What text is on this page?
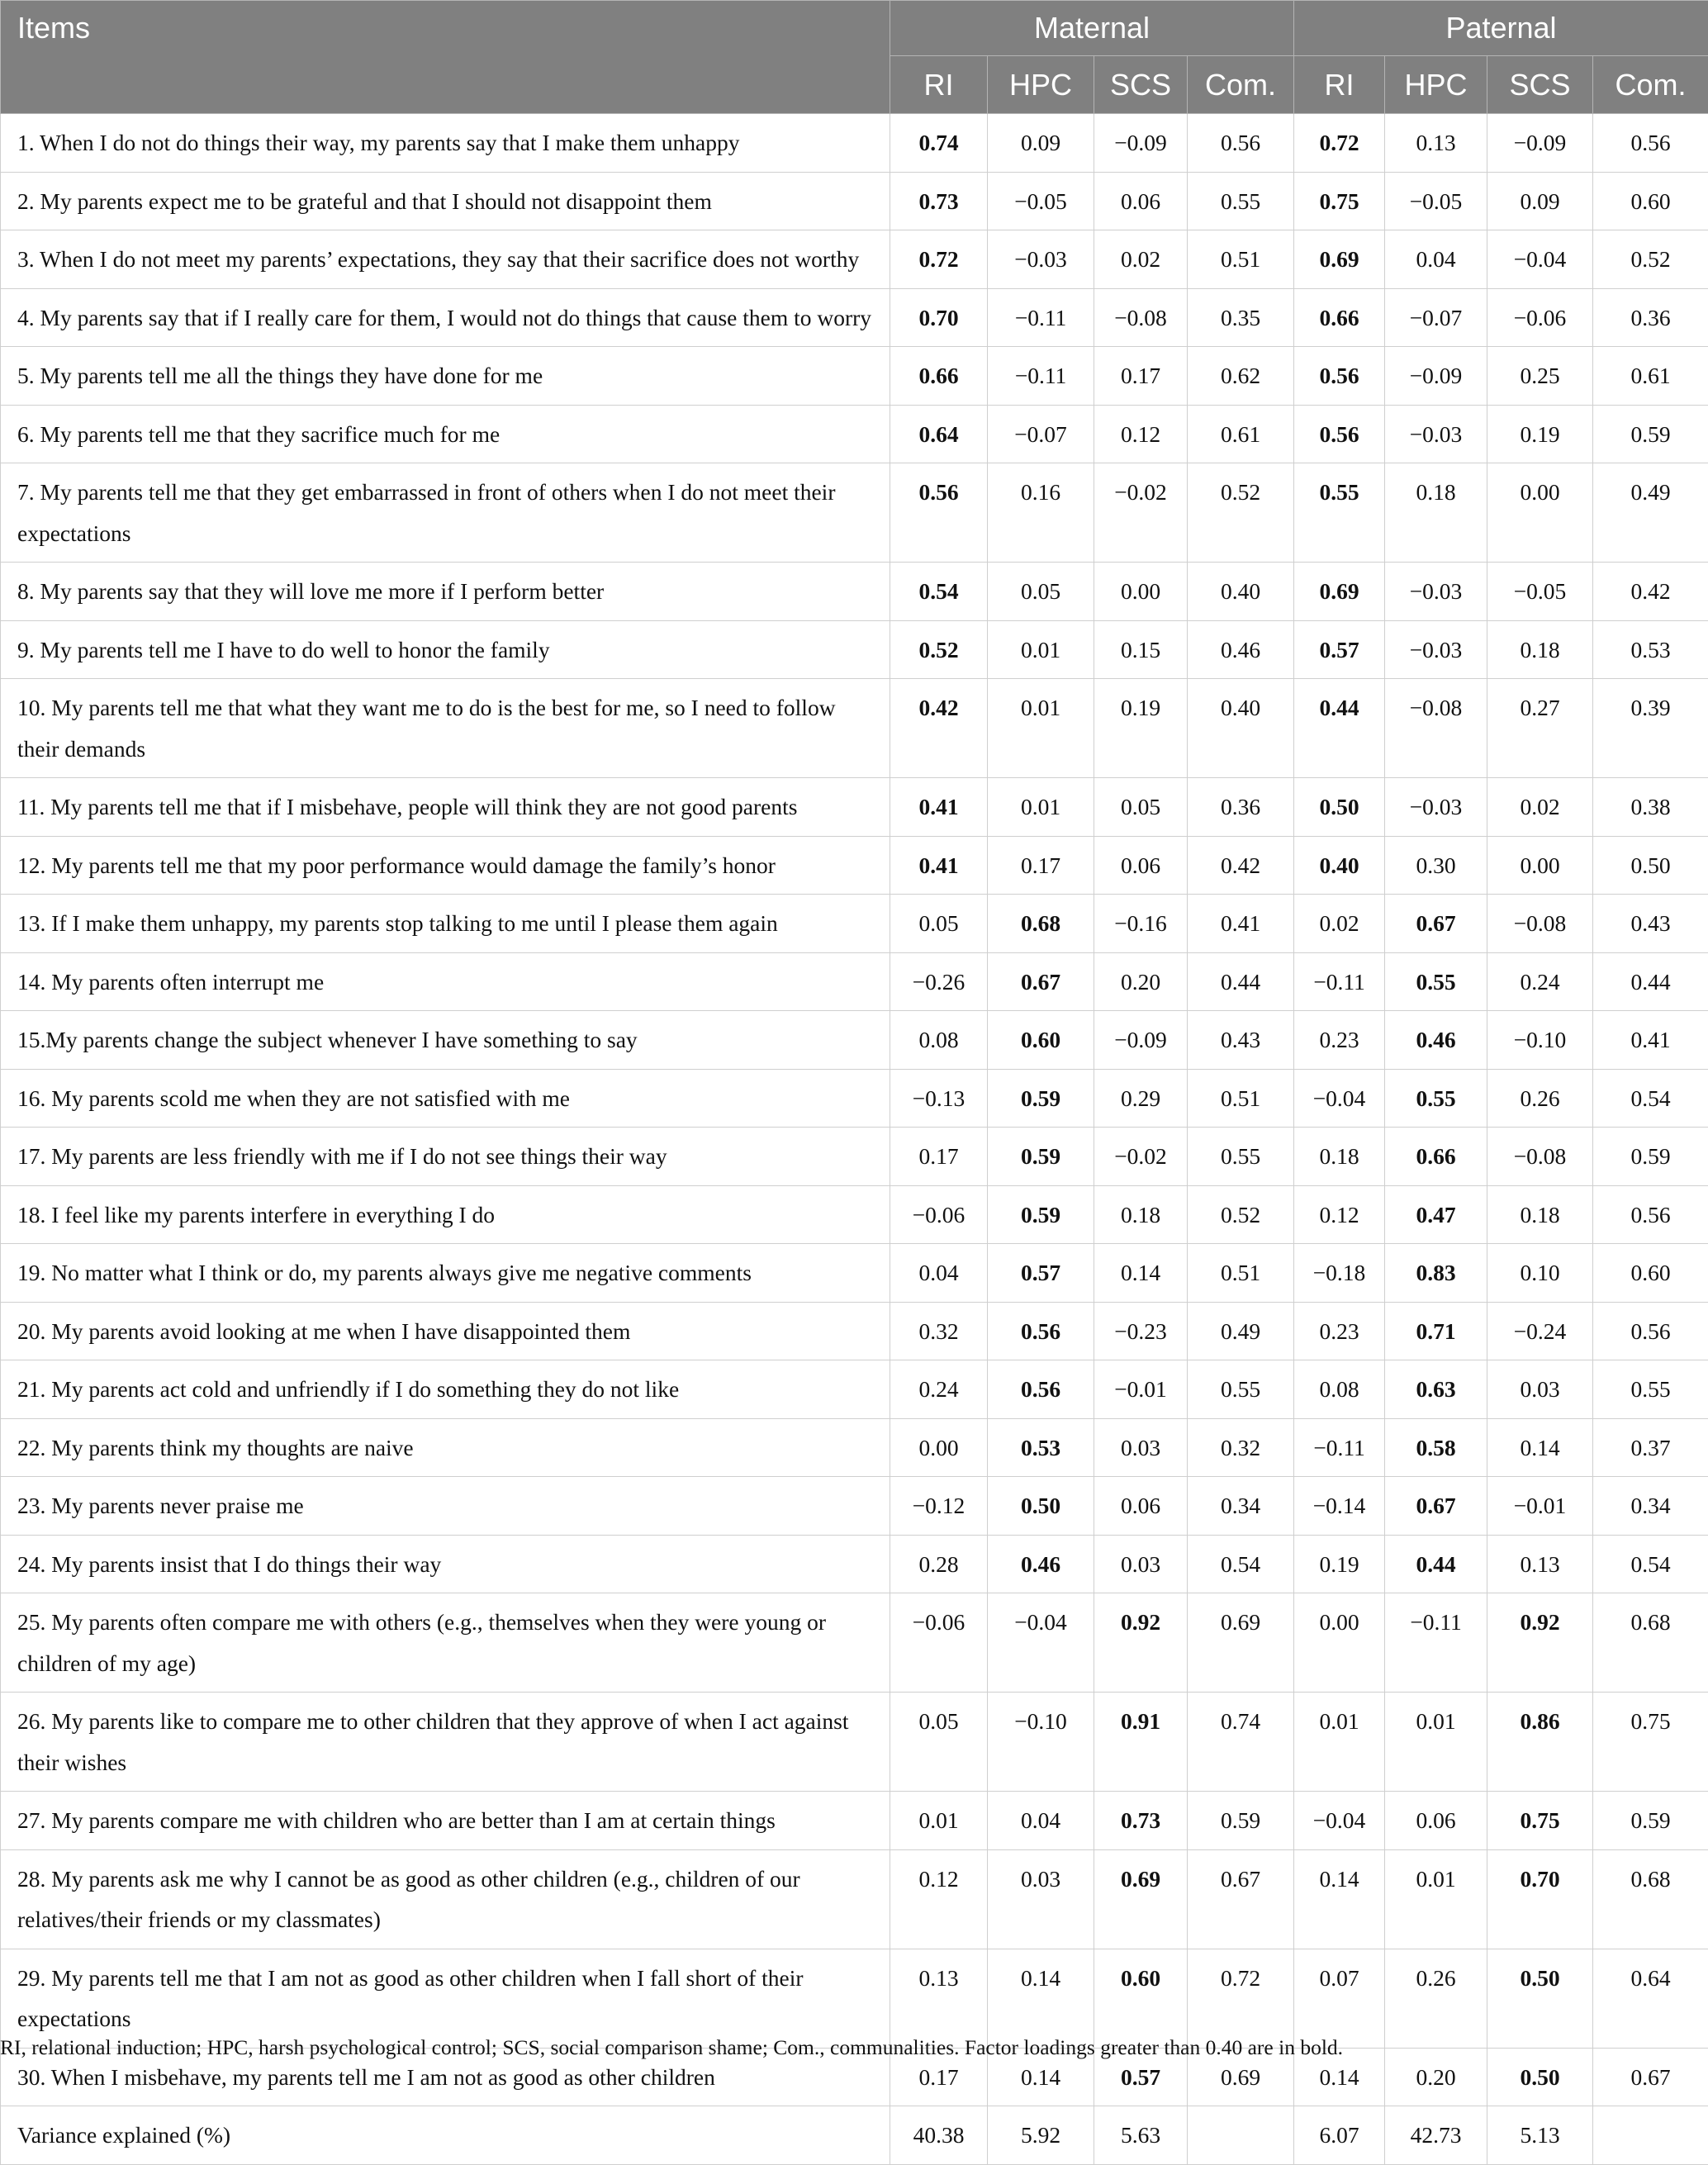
Items	Maternal				Paternal			
	RI	HPC	SCS	Com.	RI	HPC	SCS	Com.
1. When I do not do things their way, my parents say that I make them unhappy	0.74	0.09	−0.09	0.56	0.72	0.13	−0.09	0.56
2. My parents expect me to be grateful and that I should not disappoint them	0.73	−0.05	0.06	0.55	0.75	−0.05	0.09	0.60
3. When I do not meet my parents’ expectations, they say that their sacrifice does not worthy	0.72	−0.03	0.02	0.51	0.69	0.04	−0.04	0.52
4. My parents say that if I really care for them, I would not do things that cause them to worry	0.70	−0.11	−0.08	0.35	0.66	−0.07	−0.06	0.36
5. My parents tell me all the things they have done for me	0.66	−0.11	0.17	0.62	0.56	−0.09	0.25	0.61
6. My parents tell me that they sacrifice much for me	0.64	−0.07	0.12	0.61	0.56	−0.03	0.19	0.59
7. My parents tell me that they get embarrassed in front of others when I do not meet their expectations	0.56	0.16	−0.02	0.52	0.55	0.18	0.00	0.49
8. My parents say that they will love me more if I perform better	0.54	0.05	0.00	0.40	0.69	−0.03	−0.05	0.42
9. My parents tell me I have to do well to honor the family	0.52	0.01	0.15	0.46	0.57	−0.03	0.18	0.53
10. My parents tell me that what they want me to do is the best for me, so I need to follow their demands	0.42	0.01	0.19	0.40	0.44	−0.08	0.27	0.39
11. My parents tell me that if I misbehave, people will think they are not good parents	0.41	0.01	0.05	0.36	0.50	−0.03	0.02	0.38
12. My parents tell me that my poor performance would damage the family’s honor	0.41	0.17	0.06	0.42	0.40	0.30	0.00	0.50
13. If I make them unhappy, my parents stop talking to me until I please them again	0.05	0.68	−0.16	0.41	0.02	0.67	−0.08	0.43
14. My parents often interrupt me	−0.26	0.67	0.20	0.44	−0.11	0.55	0.24	0.44
15.My parents change the subject whenever I have something to say	0.08	0.60	−0.09	0.43	0.23	0.46	−0.10	0.41
16. My parents scold me when they are not satisfied with me	−0.13	0.59	0.29	0.51	−0.04	0.55	0.26	0.54
17. My parents are less friendly with me if I do not see things their way	0.17	0.59	−0.02	0.55	0.18	0.66	−0.08	0.59
18. I feel like my parents interfere in everything I do	−0.06	0.59	0.18	0.52	0.12	0.47	0.18	0.56
19. No matter what I think or do, my parents always give me negative comments	0.04	0.57	0.14	0.51	−0.18	0.83	0.10	0.60
20. My parents avoid looking at me when I have disappointed them	0.32	0.56	−0.23	0.49	0.23	0.71	−0.24	0.56
21. My parents act cold and unfriendly if I do something they do not like	0.24	0.56	−0.01	0.55	0.08	0.63	0.03	0.55
22. My parents think my thoughts are naive	0.00	0.53	0.03	0.32	−0.11	0.58	0.14	0.37
23. My parents never praise me	−0.12	0.50	0.06	0.34	−0.14	0.67	−0.01	0.34
24. My parents insist that I do things their way	0.28	0.46	0.03	0.54	0.19	0.44	0.13	0.54
25. My parents often compare me with others (e.g., themselves when they were young or children of my age)	−0.06	−0.04	0.92	0.69	0.00	−0.11	0.92	0.68
26. My parents like to compare me to other children that they approve of when I act against their wishes	0.05	−0.10	0.91	0.74	0.01	0.01	0.86	0.75
27. My parents compare me with children who are better than I am at certain things	0.01	0.04	0.73	0.59	−0.04	0.06	0.75	0.59
28. My parents ask me why I cannot be as good as other children (e.g., children of our relatives/their friends or my classmates)	0.12	0.03	0.69	0.67	0.14	0.01	0.70	0.68
29. My parents tell me that I am not as good as other children when I fall short of their expectations	0.13	0.14	0.60	0.72	0.07	0.26	0.50	0.64
30. When I misbehave, my parents tell me I am not as good as other children	0.17	0.14	0.57	0.69	0.14	0.20	0.50	0.67
Variance explained (%)	40.38	5.92	5.63		6.07	42.73	5.13	
RI, relational induction; HPC, harsh psychological control; SCS, social comparison shame; Com., communalities. Factor loadings greater than 0.40 are in bold.
